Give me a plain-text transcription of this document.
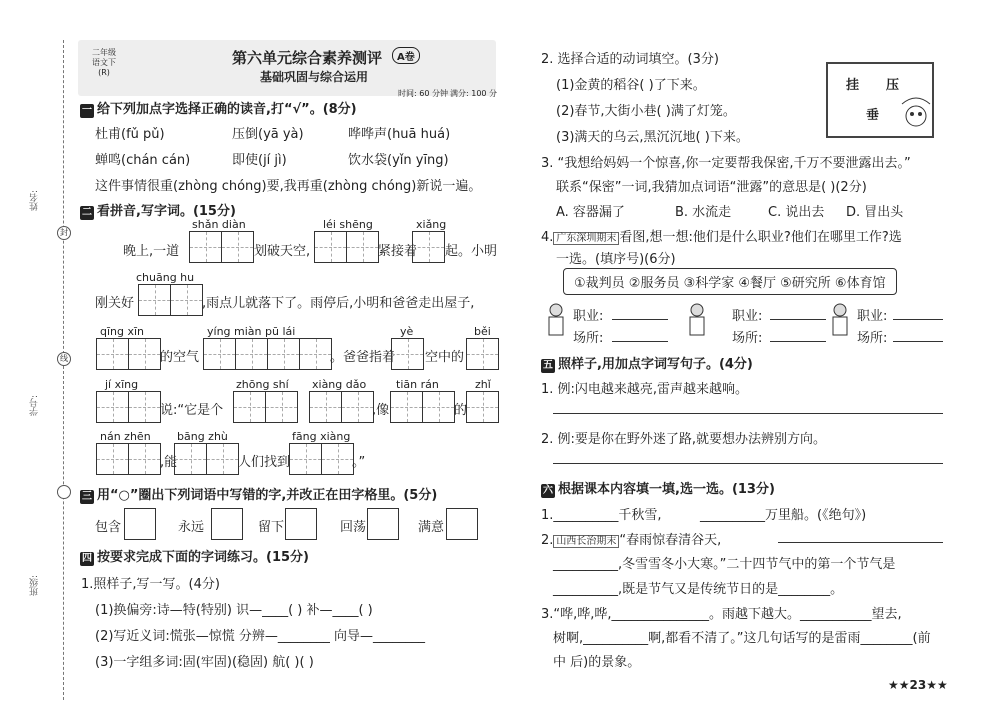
姓名:
学号:
班级:
封
线
二年级
语文下
(R)
第六单元综合素养测评	A卷
基础巩固与综合运用
时间: 60 分钟 满分: 100 分
一 给下列加点字选择正确的读音,打“√”。(8分)
杜甫(fǔ pǔ)	压倒(yā yà)	哗哗声(huā huá)
蝉鸣(chán cán)	即使(jí jì)	饮水袋(yǐn yīng)
这件事情很重(zhòng chóng)要,我再重(zhòng chóng)新说一遍。
二 看拼音,写字词。(15分)
shǎn diàn	léi shēng	xiǎng
晚上,一道	划破天空,	紧接着 起。小明
chuāng hu
刚关好	,雨点儿就落下了。雨停后,小明和爸爸走出屋子,
qīng xīn	yíng miàn pū lái	yè	běi
的空气	。爸爸指着 空中的
jí xīng	zhōng shí xiàng dǎo	tiān rán	zhǐ
说:“它是个	,像	的
nán zhēn bāng zhù	fāng xiàng
,能	人们找到	。”
三 用“○”圈出下列词语中写错的字,并改正在田字格里。(5分)
包含	永远	留下	回荡	满意
四 按要求完成下面的字词练习。(15分)
1.照样子,写一写。(4分)
(1)换偏旁:诗—特(特别) 识—____( ) 补—____( )
(2)写近义词:慌张—惊慌 分辨—________ 向导—________
(3)一字组多词:固(牢固)(稳固) 航( )( )
2. 选择合适的动词填空。(3分)
(1)金黄的稻谷( )了下来。
(2)春节,大街小巷( )满了灯笼。
(3)满天的乌云,黑沉沉地( )下来。
挂 压
垂
3. “我想给妈妈一个惊喜,你一定要帮我保密,千万不要泄露出去。”
联系“保密”一词,我猜加点词语“泄露”的意思是( )(2分)
A. 容器漏了	B. 水流走	C. 说出去 D. 冒出头
4. 广东深圳期末 看图,想一想:他们是什么职业?他们在哪里工作?选
一选。(填序号)(6分)
①裁判员 ②服务员 ③科学家 ④餐厅 ⑤研究所 ⑥体育馆
职业:
场所:
职业:
场所:
职业:
场所:
五 照样子,用加点字词写句子。(4分)
1. 例:闪电越来越亮,雷声越来越响。
2. 例:要是你在野外迷了路,就要想办法辨别方向。
六 根据课本内容填一填,选一选。(13分)
1.__________千秋雪,	__________万里船。(《绝句》)
2. 山西长治期末 “春雨惊春清谷天,
__________,冬雪雪冬小大寒。”二十四节气中的第一个节气是
__________,既是节气又是传统节日的是________。
3.“哗,哗,哗,_______________。雨越下越大。___________望去,
树啊,__________啊,都看不清了。”这几句话写的是雷雨________(前
中 后)的景象。
★★23★★
